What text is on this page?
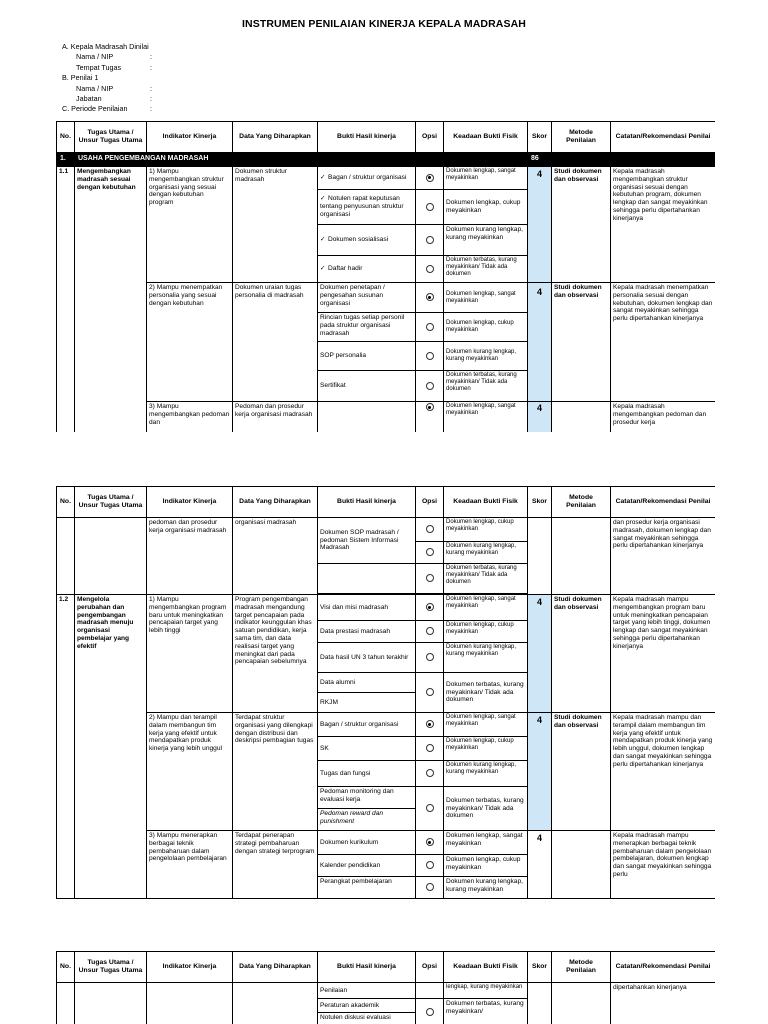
INSTRUMEN PENILAIAN KINERJA KEPALA MADRASAH
A. Kepala Madrasah Dinilai
Nama / NIP	:
Tempat Tugas	:
B. Penilai 1
Nama / NIP	:
Jabatan	:
C. Periode Penilaian	:
No.	Tugas Utama / Unsur Tugas Utama	Indikator Kinerja	Data Yang Diharapkan	Bukti Hasil kinerja	Opsi	Keadaan Bukti Fisik	Skor	Metode Penilaian	Catatan/Rekomendasi Penilai
1.	USAHA PENGEMBANGAN MADRASAH						86		
1.1	Mengembangkan madrasah sesuai dengan kebutuhan	1) Mampu mengembangkan struktur organisasi yang sesuai dengan kebutuhan program	Dokumen struktur madrasah	✓ Bagan / struktur organisasi		Dokumen lengkap, sangat meyakinkan	4	Studi dokumen dan observasi	Kepala madrasah mengembangkan struktur organisasi sesuai dengan kebutuhan program, dokumen lengkap dan sangat meyakinkan sehingga perlu dipertahankan kinerjanya
				✓ Notulen rapat keputusan tentang penyusunan struktur organisasi		Dokumen lengkap, cukup meyakinkan			
				✓ Dokumen sosialisasi		Dokumen kurang lengkap, kurang meyakinkan			
				✓ Daftar hadir		Dokumen terbatas, kurang meyakinkan/ Tidak ada dokumen			
		2) Mampu menempatkan personalia yang sesuai dengan kebutuhan	Dokumen uraian tugas personalia di madrasah	Dokumen penetapan / pengesahan susunan organisasi		Dokumen lengkap, sangat meyakinkan	4	Studi dokumen dan observasi	Kepala madrasah menempatkan personalia sesuai dengan kebutuhan, dokumen lengkap dan sangat meyakinkan sehingga perlu dipertahankan kinerjanya
				Rincian tugas setiap personil pada struktur organisasi madrasah		Dokumen lengkap, cukup meyakinkan			
				SOP personalia		Dokumen kurang lengkap, kurang meyakinkan			
				Sertifikat		Dokumen terbatas, kurang meyakinkan/ Tidak ada dokumen			
		3) Mampu mengembangkan pedoman dan	Pedoman dan prosedur kerja organisasi madrasah			Dokumen lengkap, sangat meyakinkan	4		Kepala madrasah mengembangkan pedoman dan prosedur kerja
No.	Tugas Utama / Unsur Tugas Utama	Indikator Kinerja	Data Yang Diharapkan	Bukti Hasil kinerja	Opsi	Keadaan Bukti Fisik	Skor	Metode Penilaian	Catatan/Rekomendasi Penilai
		pedoman dan prosedur kerja organisasi madrasah	organisasi madrasah	Dokumen SOP madrasah / pedoman Sistem Informasi Madrasah		Dokumen lengkap, cukup meyakinkan			dan prosedur kerja organisasi madrasah, dokumen lengkap dan sangat meyakinkan sehingga perlu dipertahankan kinerjanya
						Dokumen kurang lengkap, kurang meyakinkan			
						Dokumen terbatas, kurang meyakinkan/ Tidak ada dokumen			

1.2	Mengelola perubahan dan pengembangan madrasah menuju organisasi pembelajar yang efektif	1) Mampu mengembangkan program baru untuk meningkatkan pencapaian target yang lebih tinggi	Program pengembangan madrasah mengandung target pencapaian pada indikator keunggulan khas satuan pendidikan, kerja sama tim, dan data realisasi target yang meningkat dari pada pencapaian sebelumnya	Visi dan misi madrasah		Dokumen lengkap, sangat meyakinkan	4	Studi dokumen dan observasi	Kepala madrasah mampu mengembangkan program baru untuk meningkatkan pencapaian target yang lebih tinggi, dokumen lengkap dan sangat meyakinkan sehingga perlu dipertahankan kinerjanya
				Data prestasi madrasah		Dokumen lengkap, cukup meyakinkan			
				Data hasil UN 3 tahun terakhir		Dokumen kurang lengkap, kurang meyakinkan			
				Data alumni		Dokumen terbatas, kurang meyakinkan/ Tidak ada dokumen			
				RKJM					
		2) Mampu dan terampil dalam membangun tim kerja yang efektif untuk mendapatkan produk kinerja yang lebih unggul	Terdapat struktur organisasi yang dilengkapi dengan distribusi dan deskripsi pembagian tugas	Bagan / struktur organisasi		Dokumen lengkap, sangat meyakinkan	4	Studi dokumen dan observasi	Kepala madrasah mampu dan terampil dalam membangun tim kerja yang efektif untuk mendapatkan produk kinerja yang lebih unggul, dokumen lengkap dan sangat meyakinkan sehingga perlu dipertahankan kinerjanya
				SK		Dokumen lengkap, cukup meyakinkan			
				Tugas dan fungsi		Dokumen kurang lengkap, kurang meyakinkan			
				Pedoman monitoring dan evaluasi kerja		Dokumen terbatas, kurang meyakinkan/ Tidak ada dokumen			
				Pedoman reward dan punishment					
		3) Mampu menerapkan berbagai teknik pembaharuan dalam pengelolaan pembelajaran	Terdapat penerapan strategi pembaharuan dengan strategi terprogram	Dokumen kurikulum		Dokumen lengkap, sangat meyakinkan	4		Kepala madrasah mampu menerapkan berbagai teknik pembaharuan dalam pengelolaan pembelajaran, dokumen lengkap dan sangat meyakinkan sehingga perlu
				Kalender pendidikan		Dokumen lengkap, cukup meyakinkan			
				Perangkat pembelajaran		Dokumen kurang lengkap, kurang meyakinkan			
No.	Tugas Utama / Unsur Tugas Utama	Indikator Kinerja	Data Yang Diharapkan	Bukti Hasil kinerja	Opsi	Keadaan Bukti Fisik	Skor	Metode Penilaian	Catatan/Rekomendasi Penilai
				Penilaian		lengkap, kurang meyakinkan			dipertahankan kinerjanya
				Peraturan akademik		Dokumen terbatas, kurang meyakinkan/			
				Notulen diskusi evaluasi					
